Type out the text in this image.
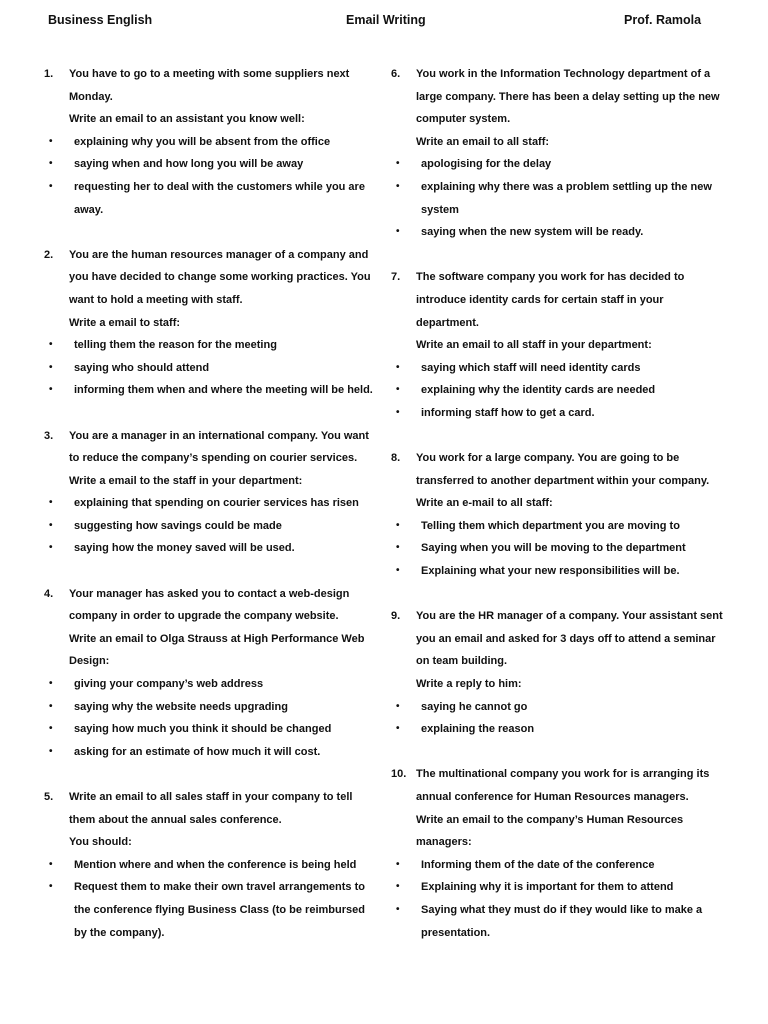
Business English	Email Writing	Prof. Ramola
1.	You have to go to a meeting with some suppliers next Monday.
Write an email to an assistant you know well:
•	explaining why you will be absent from the office
•	saying when and how long you will be away
•	requesting her to deal with the customers while you are away.
2.	You are the human resources manager of a company and you have decided to change some working practices. You want to hold a meeting with staff.
Write a email to staff:
•	telling them the reason for the meeting
•	saying who should attend
•	informing them when and where the meeting will be held.
3.	You are a manager in an international company. You want to reduce the company’s spending on courier services.
Write a email to the staff in your department:
•	explaining that spending on courier services has risen
•	suggesting how savings could be made
•	saying how the money saved will be used.
4.	Your manager has asked you to contact a web-design company in order to upgrade the company website.
Write an email to Olga Strauss at High Performance Web Design:
•	giving your company’s web address
•	saying why the website needs upgrading
•	saying how much you think it should be changed
•	asking for an estimate of how much it will cost.
5.	Write an email to all sales staff in your company to tell them about the annual sales conference.
You should:
•	Mention where and when the conference is being held
•	Request them to make their own travel arrangements to the conference flying Business Class (to be reimbursed by the company).
6.	You work in the Information Technology department of a large company. There has been a delay setting up the new computer system.
Write an email to all staff:
•	apologising for the delay
•	explaining why there was a problem settling up the new system
•	saying when the new system will be ready.
7.	The software company you work for has decided to introduce identity cards for certain staff in your department.
Write an email to all staff in your department:
•	saying which staff will need identity cards
•	explaining why the identity cards are needed
•	informing staff how to get a card.
8.	You work for a large company. You are going to be transferred to another department within your company.
Write an e-mail to all staff:
•	Telling them which department you are moving to
•	Saying when you will be moving to the department
•	Explaining what your new responsibilities will be.
9.	You are the HR manager of a company. Your assistant sent you an email and asked for 3 days off to attend a seminar on team building.
Write a reply to him:
•	saying he cannot go
•	explaining the reason
10. The multinational company you work for is arranging its annual conference for Human Resources managers.
Write an email to the company’s Human Resources managers:
•	Informing them of the date of the conference
•	Explaining why it is important for them to attend
•	Saying what they must do if they would like to make a presentation.
